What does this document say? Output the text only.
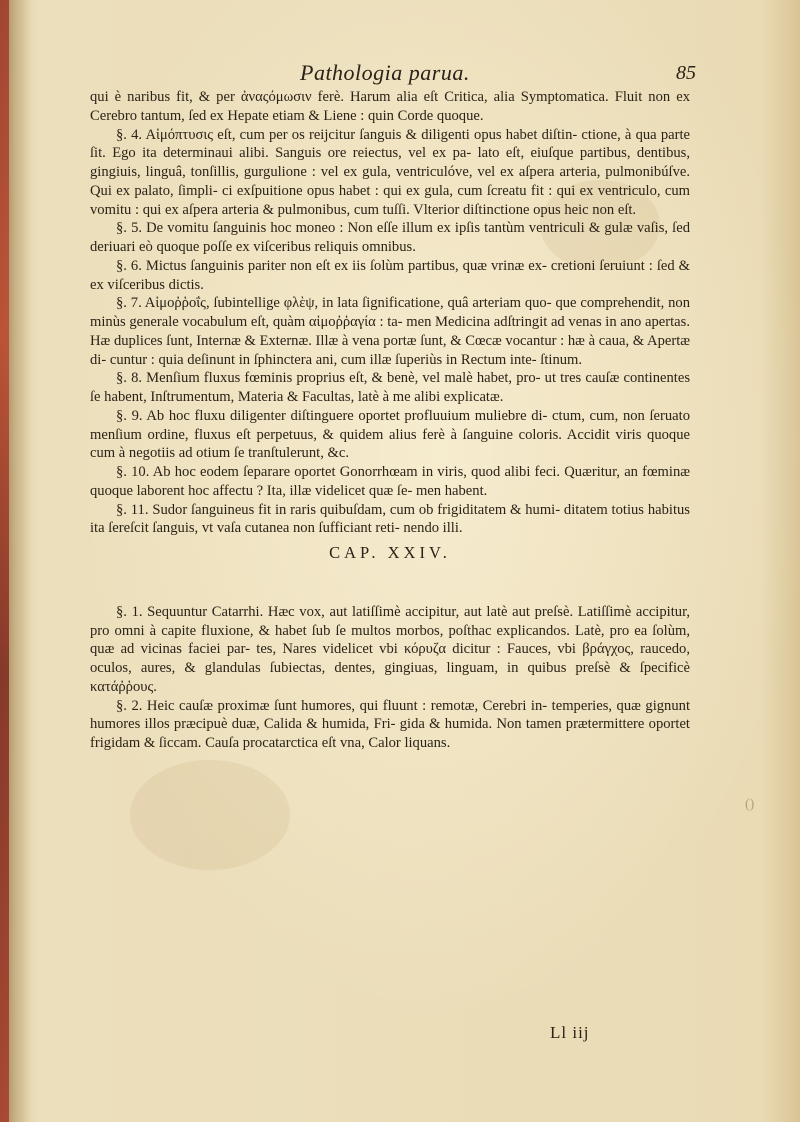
Pathologia parua.	85

qui è naribus fit, & per ἀναςόμωσιν ferè. Harum alia eſt Critica, alia Symptomatica. Fluit non ex Cerebro tantum, ſed ex Hepate etiam & Liene : quin Corde quoque.

§. 4. Αἱμόπτυσις eſt, cum per os reijcitur ſanguis & diligenti opus habet diſtin- ctione, à qua parte ſit. Ego ita determinaui alibi. Sanguis ore reiectus, vel ex pa- lato eſt, eiuſque partibus, dentibus, gingiuis, linguâ, tonſillis, gurgulione : vel ex gula, ventriculóve, vel ex aſpera arteria, pulmonibúſve. Qui ex palato, ſimpli- ci exſpuitione opus habet : qui ex gula, cum ſcreatu fit : qui ex ventriculo, cum vomitu : qui ex aſpera arteria & pulmonibus, cum tuſſi. Vlterior diſtinctione opus heic non eſt.

§. 5. De vomitu ſanguinis hoc moneo : Non eſſe illum ex ipſis tantùm ventriculi & gulæ vaſis, ſed deriuari eò quoque poſſe ex viſceribus reliquis omnibus.

§. 6. Mictus ſanguinis pariter non eſt ex iis ſolùm partibus, quæ vrinæ ex- cretioni ſeruiunt : ſed & ex viſceribus dictis.

§. 7. Αἱμοῤῥοΐς, ſubintellige φλὲψ, in lata ſignificatione, quâ arteriam quo- que comprehendit, non minùs generale vocabulum eſt, quàm αἱμοῤῥαγία : ta- men Medicina adſtringit ad venas in ano apertas. Hæ duplices ſunt, Internæ & Externæ. Illæ à vena portæ ſunt, & Cœcæ vocantur : hæ à caua, & Apertæ di- cuntur : quia deſinunt in ſphinctera ani, cum illæ ſuperiùs in Rectum inte- ſtinum.

§. 8. Menſium fluxus fœminis proprius eſt, & benè, vel malè habet, pro- ut tres cauſæ continentes ſe habent, Inſtrumentum, Materia & Facultas, latè à me alibi explicatæ.

§. 9. Ab hoc fluxu diligenter diſtinguere oportet profluuium muliebre di- ctum, cum, non ſeruato menſium ordine, fluxus eſt perpetuus, & quidem alius ferè à ſanguine coloris. Accidit viris quoque cum à negotiis ad otium ſe tranſtulerunt, &c.

§. 10. Ab hoc eodem ſeparare oportet Gonorrhœam in viris, quod alibi feci. Quæritur, an fœminæ quoque laborent hoc affectu ? Ita, illæ videlicet quæ ſe- men habent.

§. 11. Sudor ſanguineus fit in raris quibuſdam, cum ob frigiditatem & humi- ditatem totius habitus ita ſereſcit ſanguis, vt vaſa cutanea non ſufficiant reti- nendo illi.

CAP. XXIV.

§. 1. Sequuntur Catarrhi. Hæc vox, aut latiſſimè accipitur, aut latè aut preſsè. Latiſſimè accipitur, pro omni à capite fluxione, & habet ſub ſe multos morbos, poſthac explicandos. Latè, pro ea ſolùm, quæ ad vicinas faciei par- tes, Nares videlicet vbi κόρυζα dicitur : Fauces, vbi βράγχος, raucedo, oculos, aures, & glandulas ſubiectas, dentes, gingiuas, linguam, in quibus preſsè & ſpecificè κατάῤῥους.

§. 2. Heic cauſæ proximæ ſunt humores, qui fluunt : remotæ, Cerebri in- temperies, quæ gignunt humores illos præcipuè duæ, Calida & humida, Fri- gida & humida. Non tamen prætermittere oportet frigidam & ſiccam. Cauſa procatarctica eſt vna, Calor liquans.

Ll iij
()
